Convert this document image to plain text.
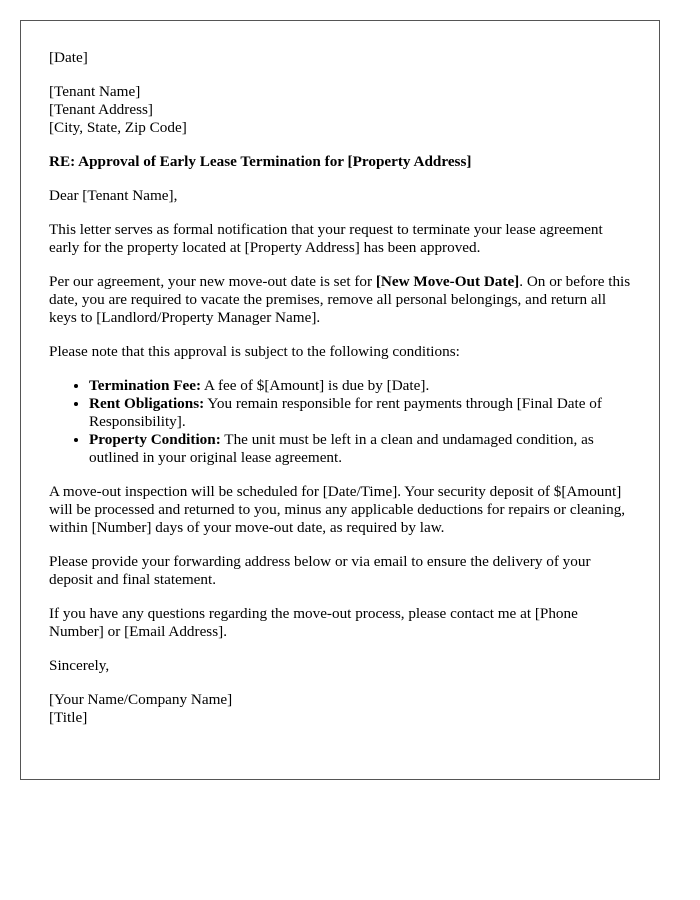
[Date]

[Tenant Name]
[Tenant Address]
[City, State, Zip Code]

RE: Approval of Early Lease Termination for [Property Address]

Dear [Tenant Name],

This letter serves as formal notification that your request to terminate your lease agreement early for the property located at [Property Address] has been approved.

Per our agreement, your new move-out date is set for [New Move-Out Date]. On or before this date, you are required to vacate the premises, remove all personal belongings, and return all keys to [Landlord/Property Manager Name].

Please note that this approval is subject to the following conditions:

• Termination Fee: A fee of $[Amount] is due by [Date].
• Rent Obligations: You remain responsible for rent payments through [Final Date of Responsibility].
• Property Condition: The unit must be left in a clean and undamaged condition, as outlined in your original lease agreement.

A move-out inspection will be scheduled for [Date/Time]. Your security deposit of $[Amount] will be processed and returned to you, minus any applicable deductions for repairs or cleaning, within [Number] days of your move-out date, as required by law.

Please provide your forwarding address below or via email to ensure the delivery of your deposit and final statement.

If you have any questions regarding the move-out process, please contact me at [Phone Number] or [Email Address].

Sincerely,

[Your Name/Company Name]
[Title]
